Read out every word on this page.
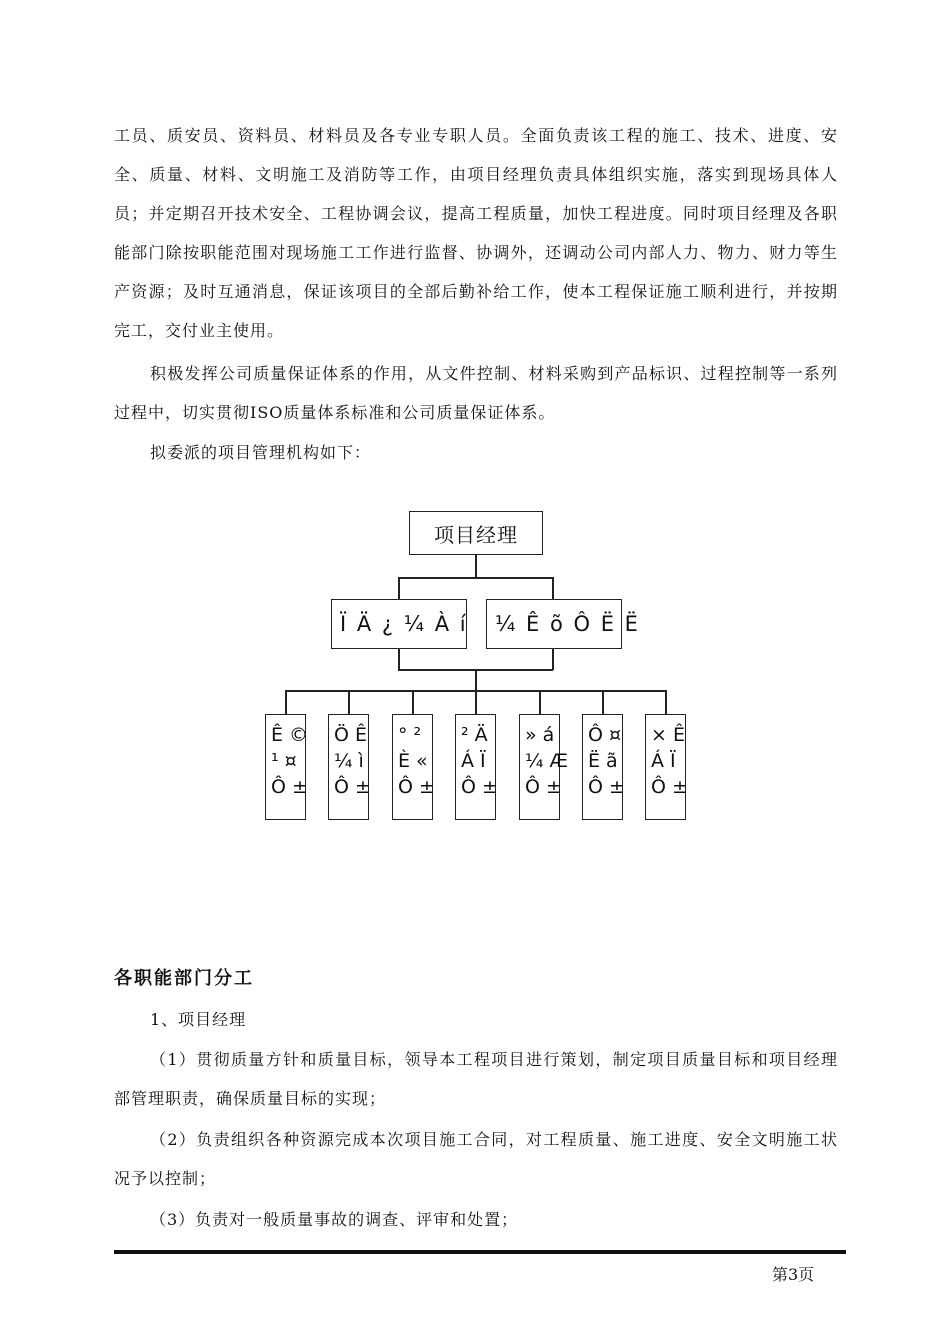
工员、质安员、资料员、材料员及各专业专职人员。全面负责该工程的施工、技术、进度、安全、质量、材料、文明施工及消防等工作，由项目经理负责具体组织实施，落实到现场具体人员；并定期召开技术安全、工程协调会议，提高工程质量，加快工程进度。同时项目经理及各职能部门除按职能范围对现场施工工作进行监督、协调外，还调动公司内部人力、物力、财力等生产资源；及时互通消息，保证该项目的全部后勤补给工作，使本工程保证施工顺利进行，并按期完工，交付业主使用。

积极发挥公司质量保证体系的作用，从文件控制、材料采购到产品标识、过程控制等一系列过程中，切实贯彻ISO质量体系标准和公司质量保证体系。

拟委派的项目管理机构如下：

项目经理
Ï Ä ¿ ¼ À í	¼ Ê õ Ô Ë Ë
Ê ©
¹ ¤
Ô ±
Ö Ê
¼ ì
Ô ±
° ²
È «
Ô ±
² Ä
Á Ï
Ô ±
» á
¼ Æ
Ô ±
Ô ¤
Ë ã
Ô ±
× Ê
Á Ï
Ô ±
各职能部门分工

1、项目经理

（1）贯彻质量方针和质量目标，领导本工程项目进行策划，制定项目质量目标和项目经理部管理职责，确保质量目标的实现；

（2）负责组织各种资源完成本次项目施工合同，对工程质量、施工进度、安全文明施工状况予以控制；

（3）负责对一般质量事故的调查、评审和处置；

第3页
